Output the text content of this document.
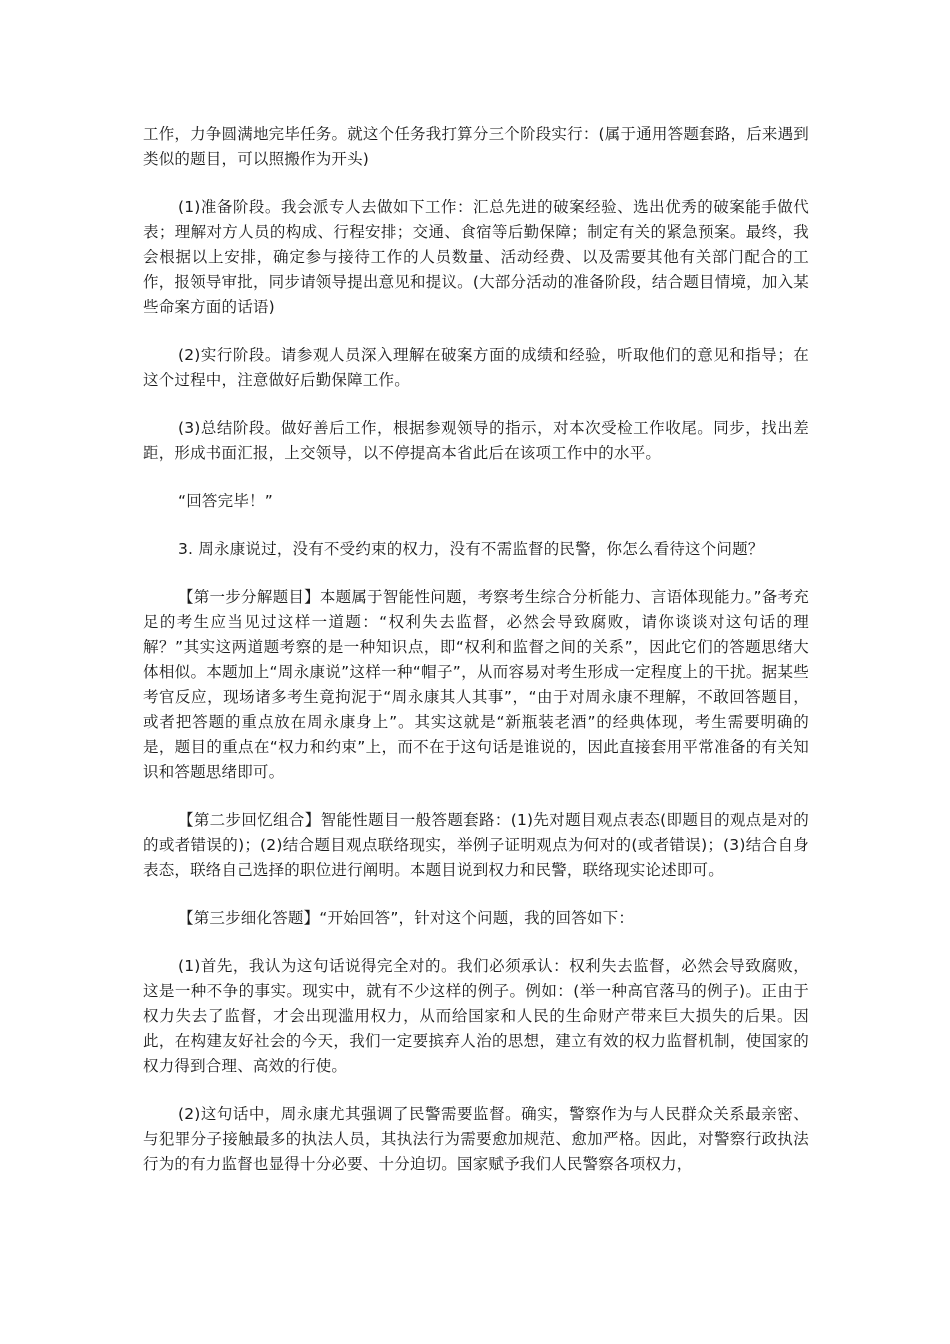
工作，力争圆满地完毕任务。就这个任务我打算分三个阶段实行：(属于通用答题套路，后来遇到类似的题目，可以照搬作为开头)

(1)准备阶段。我会派专人去做如下工作：汇总先进的破案经验、选出优秀的破案能手做代表；理解对方人员的构成、行程安排；交通、食宿等后勤保障；制定有关的紧急预案。最终，我会根据以上安排，确定参与接待工作的人员数量、活动经费、以及需要其他有关部门配合的工作，报领导审批，同步请领导提出意见和提议。(大部分活动的准备阶段，结合题目情境，加入某些命案方面的话语)

(2)实行阶段。请参观人员深入理解在破案方面的成绩和经验，听取他们的意见和指导；在这个过程中，注意做好后勤保障工作。

(3)总结阶段。做好善后工作，根据参观领导的指示，对本次受检工作收尾。同步，找出差距，形成书面汇报，上交领导，以不停提高本省此后在该项工作中的水平。

“回答完毕！”

3. 周永康说过，没有不受约束的权力，没有不需监督的民警，你怎么看待这个问题？

【第一步分解题目】本题属于智能性问题，考察考生综合分析能力、言语体现能力。”备考充足的考生应当见过这样一道题：“权利失去监督，必然会导致腐败，请你谈谈对这句话的理解？”其实这两道题考察的是一种知识点，即“权利和监督之间的关系”，因此它们的答题思绪大体相似。本题加上“周永康说”这样一种“帽子”，从而容易对考生形成一定程度上的干扰。据某些考官反应，现场诸多考生竟拘泥于“周永康其人其事”，“由于对周永康不理解，不敢回答题目，或者把答题的重点放在周永康身上”。其实这就是“新瓶装老酒”的经典体现，考生需要明确的是，题目的重点在“权力和约束”上，而不在于这句话是谁说的，因此直接套用平常准备的有关知识和答题思绪即可。

【第二步回忆组合】智能性题目一般答题套路：(1)先对题目观点表态(即题目的观点是对的的或者错误的)；(2)结合题目观点联络现实，举例子证明观点为何对的(或者错误)；(3)结合自身表态，联络自己选择的职位进行阐明。本题目说到权力和民警，联络现实论述即可。

【第三步细化答题】“开始回答”，针对这个问题，我的回答如下：

(1)首先，我认为这句话说得完全对的。我们必须承认：权利失去监督，必然会导致腐败，这是一种不争的事实。现实中，就有不少这样的例子。例如：(举一种高官落马的例子)。正由于权力失去了监督，才会出现滥用权力，从而给国家和人民的生命财产带来巨大损失的后果。因此，在构建友好社会的今天，我们一定要摈弃人治的思想，建立有效的权力监督机制，使国家的权力得到合理、高效的行使。

(2)这句话中，周永康尤其强调了民警需要监督。确实，警察作为与人民群众关系最亲密、与犯罪分子接触最多的执法人员，其执法行为需要愈加规范、愈加严格。因此，对警察行政执法行为的有力监督也显得十分必要、十分迫切。国家赋予我们人民警察各项权力，
